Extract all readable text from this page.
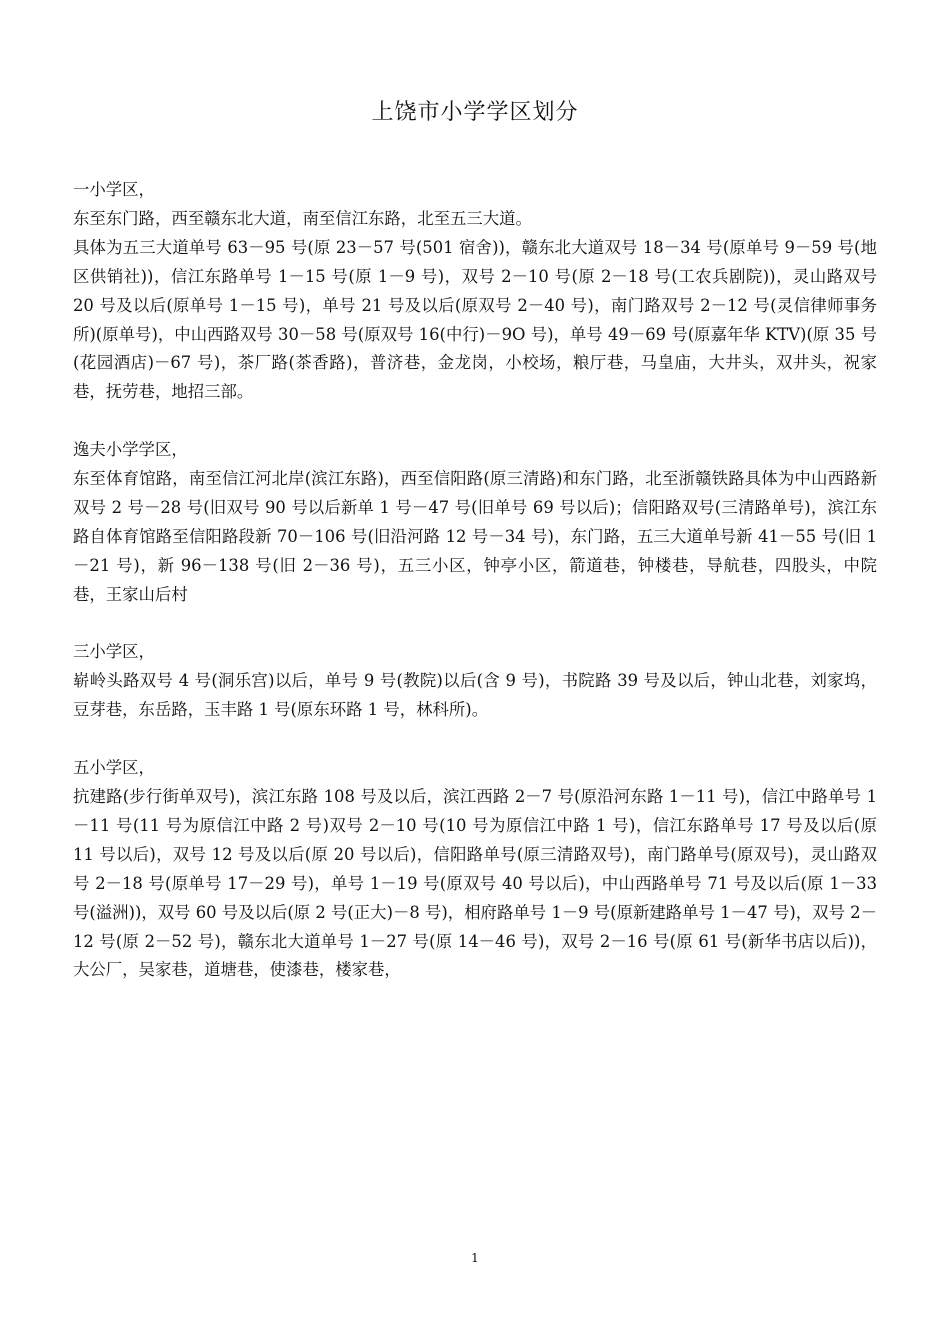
上饶市小学学区划分

一小学区，

东至东门路，西至赣东北大道，南至信江东路，北至五三大道。

具体为五三大道单号 63－95 号(原 23－57 号(501 宿舍))，赣东北大道双号 18－34 号(原单号 9－59 号(地区供销社))，信江东路单号 1－15 号(原 1－9 号)，双号 2－10 号(原 2－18 号(工农兵剧院))，灵山路双号 20 号及以后(原单号 1－15 号)，单号 21 号及以后(原双号 2－40 号)，南门路双号 2－12 号(灵信律师事务所)(原单号)，中山西路双号 30－58 号(原双号 16(中行)－9O 号)，单号 49－69 号(原嘉年华 KTV)(原 35 号(花园酒店)－67 号)，茶厂路(茶香路)，普济巷，金龙岗，小校场，粮厅巷，马皇庙，大井头，双井头，祝家巷，抚劳巷，地招三部。

逸夫小学学区，

东至体育馆路，南至信江河北岸(滨江东路)，西至信阳路(原三清路)和东门路，北至浙赣铁路具体为中山西路新双号 2 号－28 号(旧双号 90 号以后新单 1 号－47 号(旧单号 69 号以后)；信阳路双号(三清路单号)，滨江东路自体育馆路至信阳路段新 70－106 号(旧沿河路 12 号－34 号)，东门路，五三大道单号新 41－55 号(旧 1－21 号)，新 96－138 号(旧 2－36 号)，五三小区，钟亭小区，箭道巷，钟楼巷，导航巷，四股头，中院巷，王家山后村

三小学区，

崭岭头路双号 4 号(洞乐宫)以后，单号 9 号(教院)以后(含 9 号)，书院路 39 号及以后，钟山北巷，刘家坞，豆芽巷，东岳路，玉丰路 1 号(原东环路 1 号，林科所)。

五小学区，

抗建路(步行街单双号)，滨江东路 108 号及以后，滨江西路 2－7 号(原沿河东路 1－11 号)，信江中路单号 1－11 号(11 号为原信江中路 2 号)双号 2－10 号(10 号为原信江中路 1 号)，信江东路单号 17 号及以后(原 11 号以后)，双号 12 号及以后(原 20 号以后)，信阳路单号(原三清路双号)，南门路单号(原双号)，灵山路双号 2－18 号(原单号 17－29 号)，单号 1－19 号(原双号 40 号以后)，中山西路单号 71 号及以后(原 1－33 号(溢洲))，双号 60 号及以后(原 2 号(正大)－8 号)，相府路单号 1－9 号(原新建路单号 1－47 号)，双号 2－12 号(原 2－52 号)，赣东北大道单号 1－27 号(原 14－46 号)，双号 2－16 号(原 61 号(新华书店以后))，大公厂，吴家巷，道塘巷，使漆巷，楼家巷，

1
